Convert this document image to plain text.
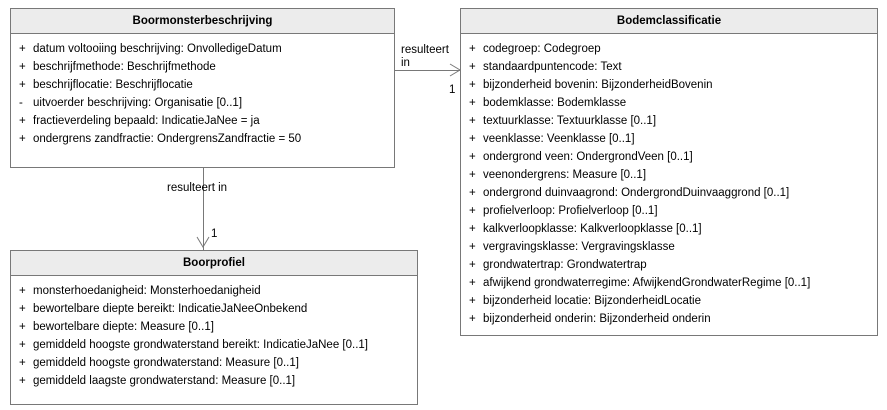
resulteert
in
1
resulteert in
1
Boormonsterbeschrijving
+ datum voltooiing beschrijving: OnvolledigeDatum
+ beschrijfmethode: Beschrijfmethode
+ beschrijflocatie: Beschrijflocatie
- uitvoerder beschrijving: Organisatie [0..1]
+ fractieverdeling bepaald: IndicatieJaNee = ja
+ ondergrens zandfractie: OndergrensZandfractie = 50
Bodemclassificatie
+ codegroep: Codegroep
+ standaardpuntencode: Text
+ bijzonderheid bovenin: BijzonderheidBovenin
+ bodemklasse: Bodemklasse
+ textuurklasse: Textuurklasse [0..1]
+ veenklasse: Veenklasse [0..1]
+ ondergrond veen: OndergrondVeen [0..1]
+ veenondergrens: Measure [0..1]
+ ondergrond duinvaagrond: OndergrondDuinvaaggrond [0..1]
+ profielverloop: Profielverloop [0..1]
+ kalkverloopklasse: Kalkverloopklasse [0..1]
+ vergravingsklasse: Vergravingsklasse
+ grondwatertrap: Grondwatertrap
+ afwijkend grondwaterregime: AfwijkendGrondwaterRegime [0..1]
+ bijzonderheid locatie: BijzonderheidLocatie
+ bijzonderheid onderin: Bijzonderheid onderin
Boorprofiel
+ monsterhoedanigheid: Monsterhoedanigheid
+ bewortelbare diepte bereikt: IndicatieJaNeeOnbekend
+ bewortelbare diepte: Measure [0..1]
+ gemiddeld hoogste grondwaterstand bereikt: IndicatieJaNee [0..1]
+ gemiddeld hoogste grondwaterstand: Measure [0..1]
+ gemiddeld laagste grondwaterstand: Measure [0..1]
